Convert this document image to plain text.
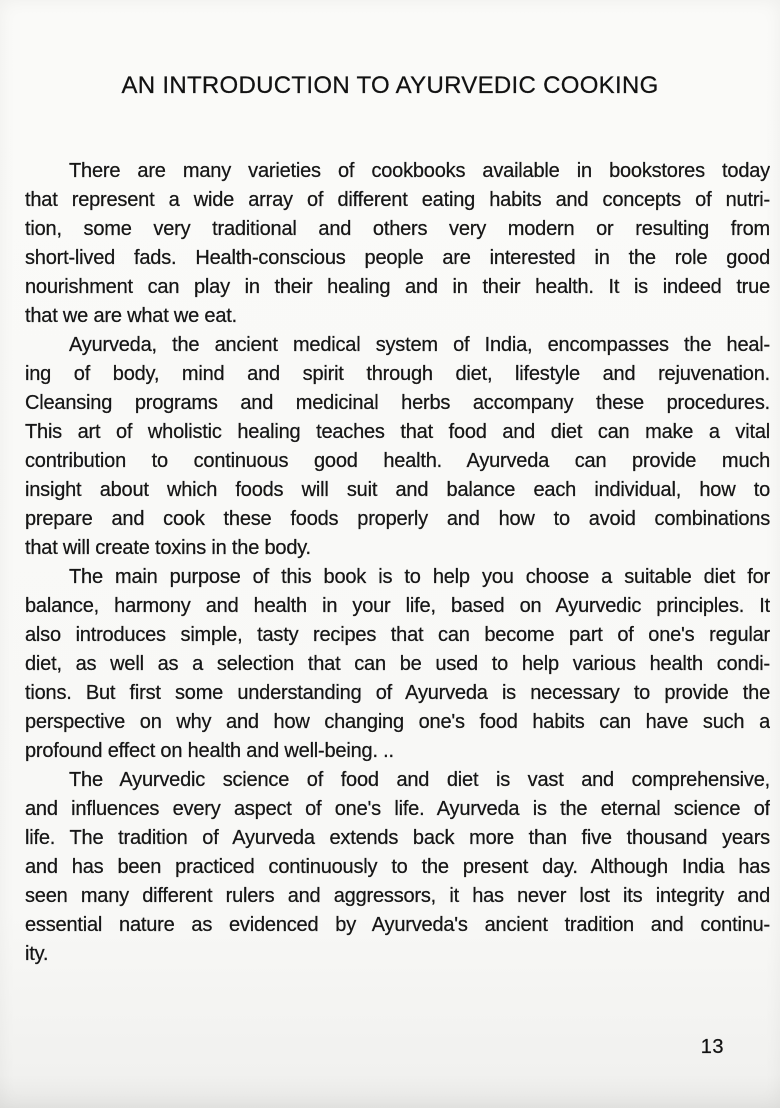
AN INTRODUCTION TO AYURVEDIC COOKING
There are many varieties of cookbooks available in bookstores today
that represent a wide array of different eating habits and concepts of nutri-
tion, some very traditional and others very modern or resulting from
short-lived fads. Health-conscious people are interested in the role good
nourishment can play in their healing and in their health. It is indeed true
that we are what we eat.
Ayurveda, the ancient medical system of India, encompasses the heal-
ing of body, mind and spirit through diet, lifestyle and rejuvenation.
Cleansing programs and medicinal herbs accompany these procedures.
This art of wholistic healing teaches that food and diet can make a vital
contribution to continuous good health. Ayurveda can provide much
insight about which foods will suit and balance each individual, how to
prepare and cook these foods properly and how to avoid combinations
that will create toxins in the body.
The main purpose of this book is to help you choose a suitable diet for
balance, harmony and health in your life, based on Ayurvedic principles. It
also introduces simple, tasty recipes that can become part of one's regular
diet, as well as a selection that can be used to help various health condi-
tions. But first some understanding of Ayurveda is necessary to provide the
perspective on why and how changing one's food habits can have such a
profound effect on health and well-being. ..
The Ayurvedic science of food and diet is vast and comprehensive,
and influences every aspect of one's life. Ayurveda is the eternal science of
life. The tradition of Ayurveda extends back more than five thousand years
and has been practiced continuously to the present day. Although India has
seen many different rulers and aggressors, it has never lost its integrity and
essential nature as evidenced by Ayurveda's ancient tradition and continu-
ity.
13
